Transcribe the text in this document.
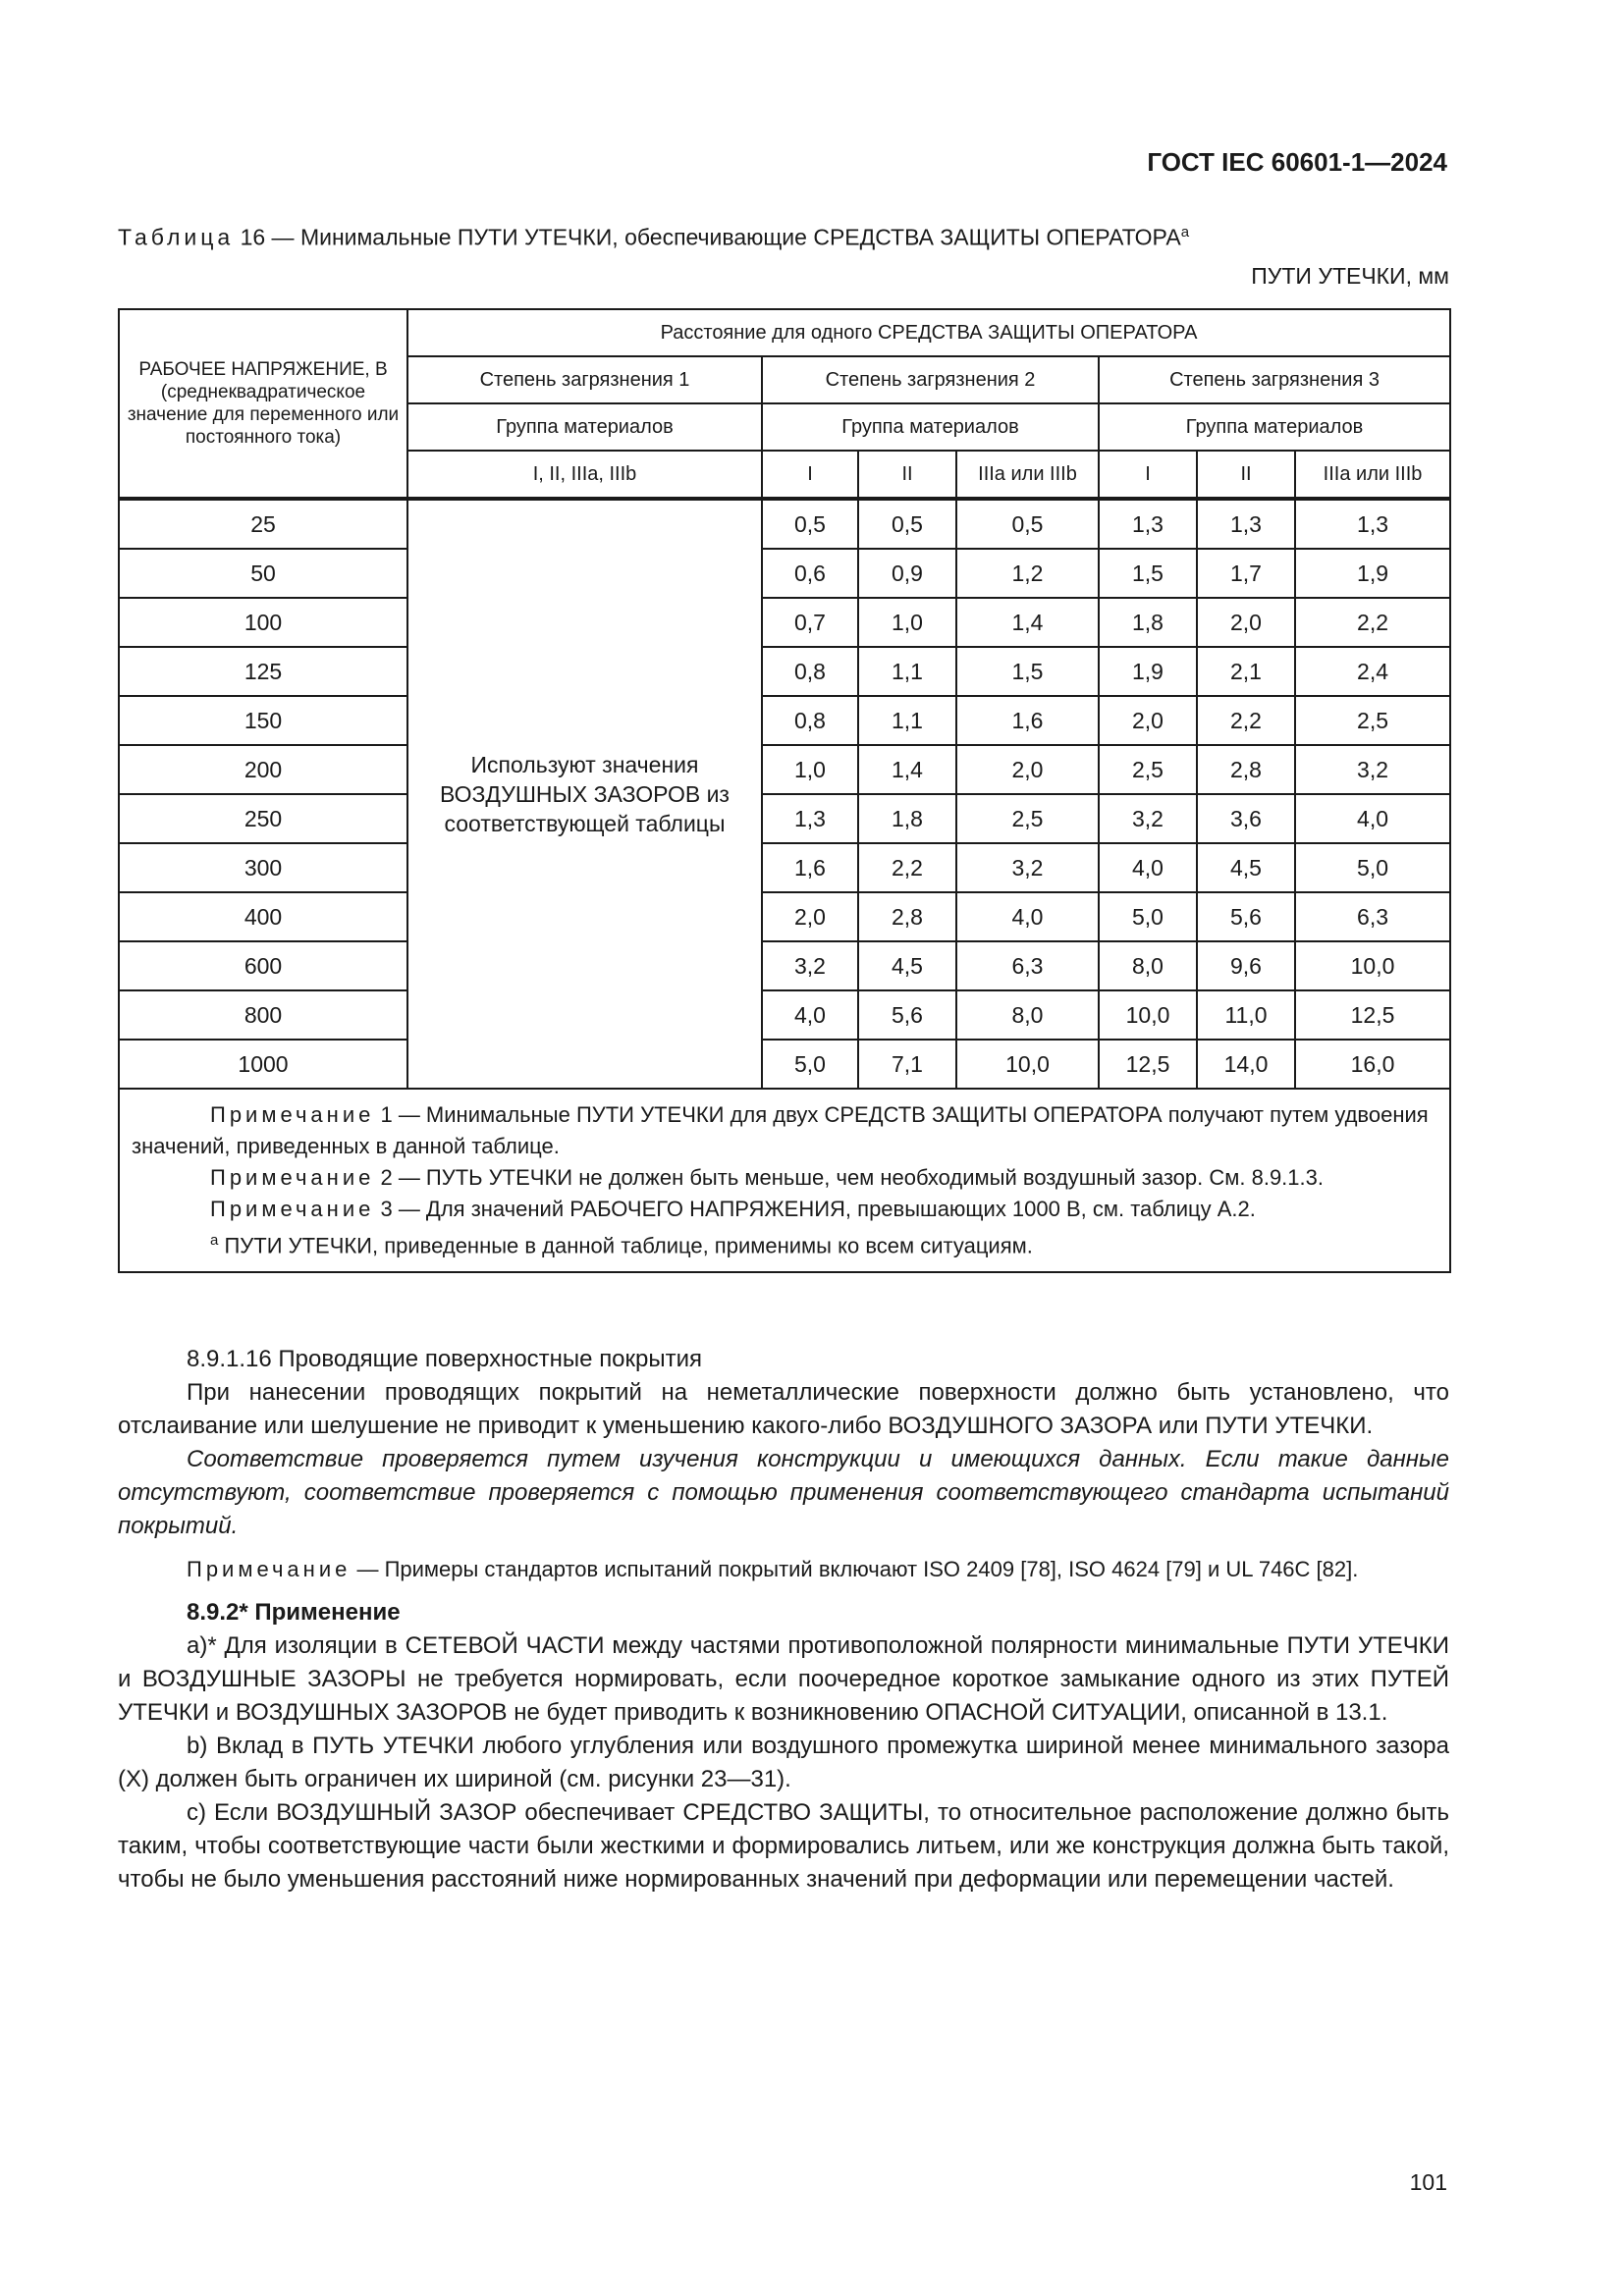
ГОСТ IEC 60601-1—2024
Таблица 16 — Минимальные ПУТИ УТЕЧКИ, обеспечивающие СРЕДСТВА ЗАЩИТЫ ОПЕРАТОРА$^a$
ПУТИ УТЕЧКИ, мм
РАБОЧЕЕ НАПРЯЖЕНИЕ, В (среднеквадратическое значение для переменного или постоянного тока)	Расстояние для одного СРЕДСТВА ЗАЩИТЫ ОПЕРАТОРА						
	Степень загрязнения 1	Степень загрязнения 2			Степень загрязнения 3		
	Группа материалов	Группа материалов			Группа материалов		
	I, II, IIIa, IIIb	I	II	IIIa или IIIb	I	II	IIIa или IIIb
25	Используют значения ВОЗДУШНЫХ ЗАЗОРОВ из соответствующей таблицы	0,5	0,5	0,5	1,3	1,3	1,3
50		0,6	0,9	1,2	1,5	1,7	1,9
100		0,7	1,0	1,4	1,8	2,0	2,2
125		0,8	1,1	1,5	1,9	2,1	2,4
150		0,8	1,1	1,6	2,0	2,2	2,5
200		1,0	1,4	2,0	2,5	2,8	3,2
250		1,3	1,8	2,5	3,2	3,6	4,0
300		1,6	2,2	3,2	4,0	4,5	5,0
400		2,0	2,8	4,0	5,0	5,6	6,3
600		3,2	4,5	6,3	8,0	9,6	10,0
800		4,0	5,6	8,0	10,0	11,0	12,5
1000		5,0	7,1	10,0	12,5	14,0	16,0

Примечание 1 — Минимальные ПУТИ УТЕЧКИ для двух СРЕДСТВ ЗАЩИТЫ ОПЕРАТОРА получают путем удвоения значений, приведенных в данной таблице.

Примечание 2 — ПУТЬ УТЕЧКИ не должен быть меньше, чем необходимый воздушный зазор. См. 8.9.1.3.

Примечание 3 — Для значений РАБОЧЕГО НАПРЯЖЕНИЯ, превышающих 1000 В, см. таблицу А.2.

$^a$ ПУТИ УТЕЧКИ, приведенные в данной таблице, применимы ко всем ситуациям.							

8.9.1.16 Проводящие поверхностные покрытия

При нанесении проводящих покрытий на неметаллические поверхности должно быть установлено, что отслаивание или шелушение не приводит к уменьшению какого-либо ВОЗДУШНОГО ЗАЗОРА или ПУТИ УТЕЧКИ.

Соответствие проверяется путем изучения конструкции и имеющихся данных. Если такие данные отсутствуют, соответствие проверяется с помощью применения соответствующего стандарта испытаний покрытий.

Примечание — Примеры стандартов испытаний покрытий включают ISO 2409 [78], ISO 4624 [79] и UL 746C [82].

8.9.2* Применение

a)* Для изоляции в СЕТЕВОЙ ЧАСТИ между частями противоположной полярности минимальные ПУТИ УТЕЧКИ и ВОЗДУШНЫЕ ЗАЗОРЫ не требуется нормировать, если поочередное короткое замыкание одного из этих ПУТЕЙ УТЕЧКИ и ВОЗДУШНЫХ ЗАЗОРОВ не будет приводить к возникновению ОПАСНОЙ СИТУАЦИИ, описанной в 13.1.

b) Вклад в ПУТЬ УТЕЧКИ любого углубления или воздушного промежутка шириной менее минимального зазора (X) должен быть ограничен их шириной (см. рисунки 23—31).

c) Если ВОЗДУШНЫЙ ЗАЗОР обеспечивает СРЕДСТВО ЗАЩИТЫ, то относительное расположение должно быть таким, чтобы соответствующие части были жесткими и формировались литьем, или же конструкция должна быть такой, чтобы не было уменьшения расстояний ниже нормированных значений при деформации или перемещении частей.

101
